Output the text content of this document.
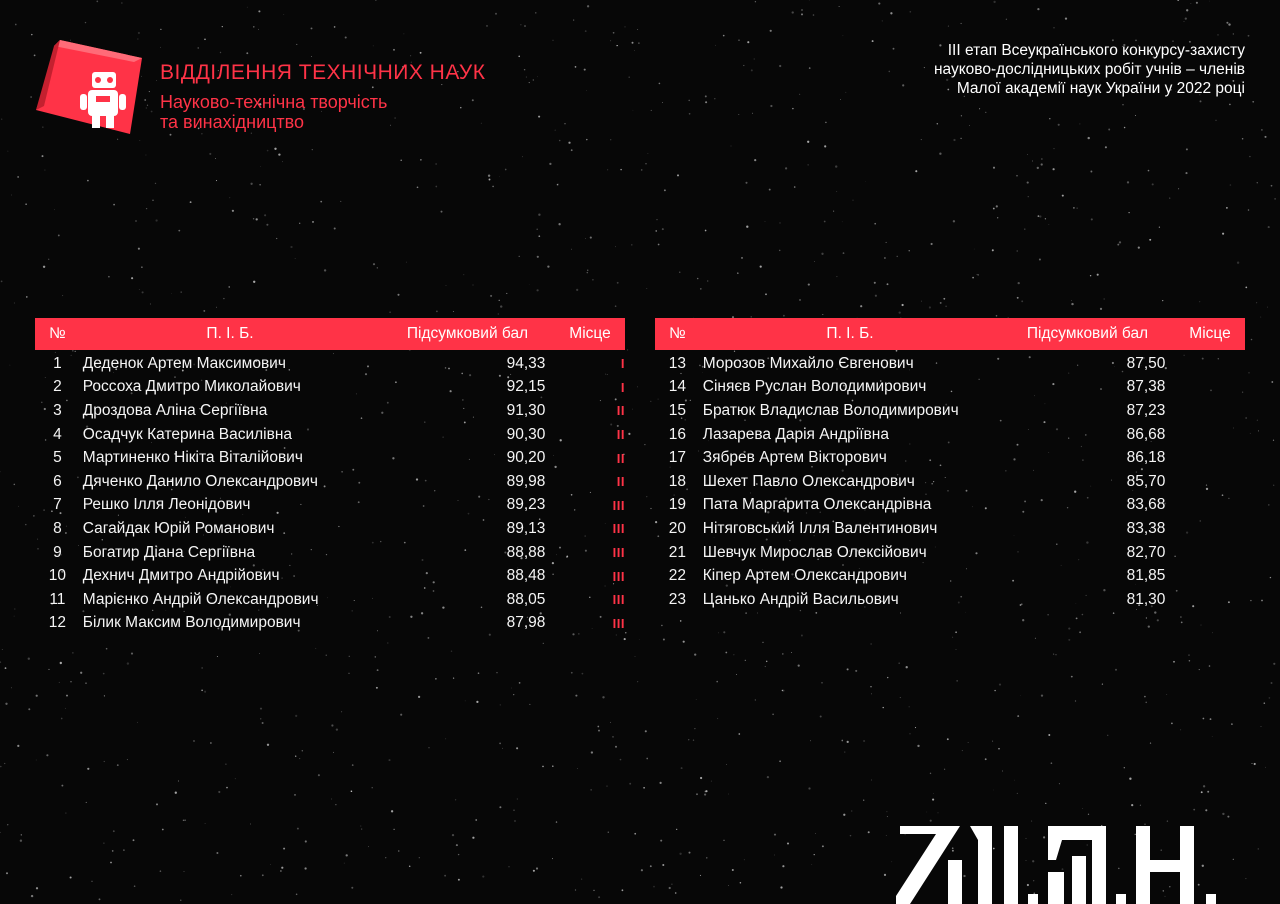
ВІДДІЛЕННЯ ТЕХНІЧНИХ НАУК
Науково-технічна творчість
та винахідництво
ІІІ етап Всеукраїнського конкурсу-захисту
науково-дослідницьких робіт учнів – членів
Малої академії наук України у 2022 році
№	П. І. Б.	Підсумковий бал	Місце
1	Деденок Артем Максимович	94,33	I
2	Россоха Дмитро Миколайович	92,15	I
3	Дроздова Аліна Сергіївна	91,30	II
4	Осадчук Катерина Василівна	90,30	II
5	Мартиненко Нікіта Віталійович	90,20	II
6	Дяченко Данило Олександрович	89,98	II
7	Решко Ілля Леонідович	89,23	III
8	Сагайдак Юрій Романович	89,13	III
9	Богатир Діана Сергіївна	88,88	III
10	Дехнич Дмитро Андрійович	88,48	III
11	Марієнко Андрій Олександрович	88,05	III
12	Білик Максим Володимирович	87,98	III
№	П. І. Б.	Підсумковий бал	Місце
13	Морозов Михайло Євгенович	87,50
14	Сіняєв Руслан Володимирович	87,38
15	Братюк Владислав Володимирович	87,23
16	Лазарева Дарія Андріївна	86,68
17	Зябрев Артем Вікторович	86,18
18	Шехет Павло Олександрович	85,70
19	Пата Маргарита Олександрівна	83,68
20	Нітяговський Ілля Валентинович	83,38
21	Шевчук Мирослав Олексійович	82,70
22	Кіпер Артем Олександрович	81,85
23	Цанько Андрій Васильович	81,30
